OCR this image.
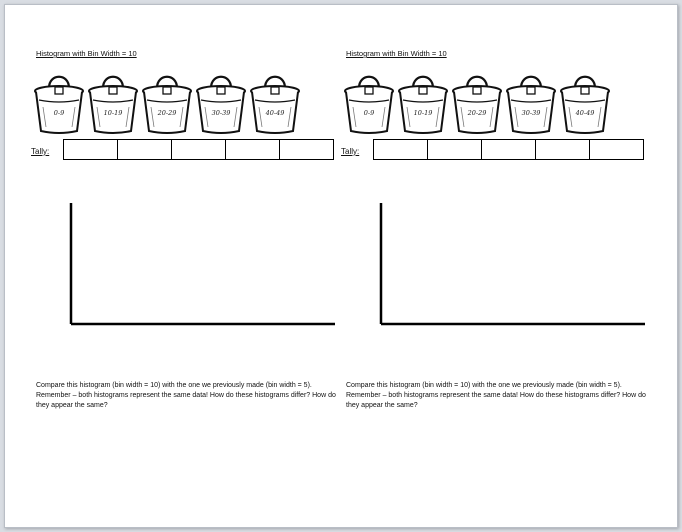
Histogram with Bin Width = 10
0-9	10-19	20-29	30-39	40-49
Tally:

Compare this histogram (bin width = 10) with the one we previously made (bin width = 5). Remember – both histograms represent the same data! How do these histograms differ? How do they appear the same?
Histogram with Bin Width = 10
0-9	10-19	20-29	30-39	40-49
Tally:

Compare this histogram (bin width = 10) with the one we previously made (bin width = 5). Remember – both histograms represent the same data! How do these histograms differ? How do they appear the same?
